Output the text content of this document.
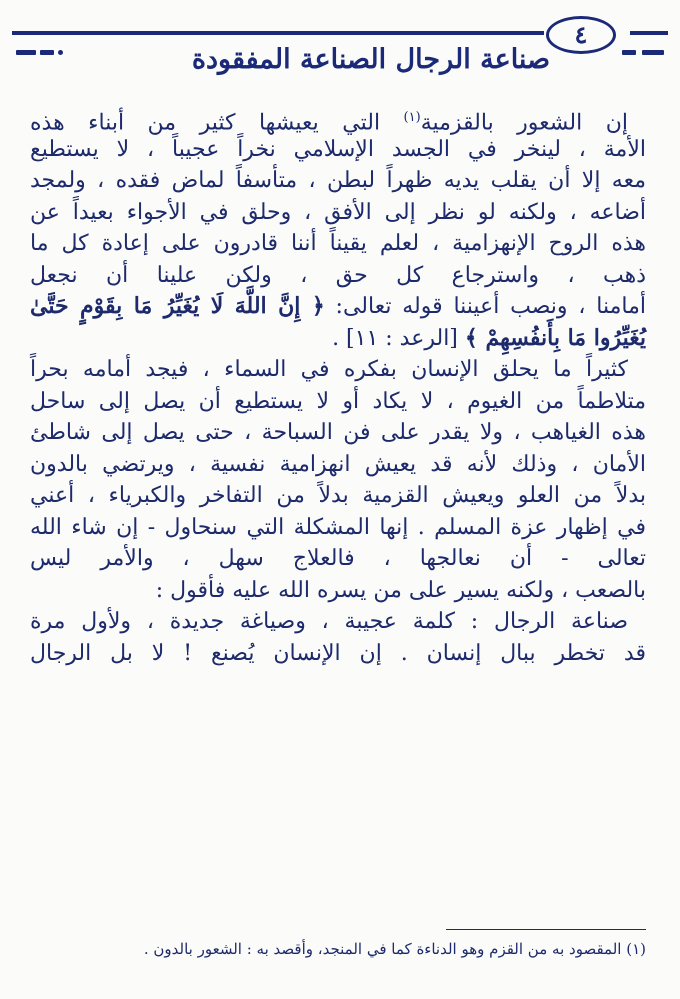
٤
صناعة الرجال الصناعة المفقودة
إن الشعور بالقزمية$^{(١)}$ التي يعيشها كثير من أبناء هذه
الأمة ، لينخر في الجسد الإسلامي نخراً عجيباً ، لا يستطيع
معه إلا أن يقلب يديه ظهراً لبطن ، متأسفاً لماض فقده ، ولمجد
أضاعه ، ولكنه لو نظر إلى الأفق ، وحلق في الأجواء بعيداً عن
هذه الروح الإنهزامية ، لعلم يقيناً أننا قادرون على إعادة كل ما
ذهب ، واسترجاع كل حق ، ولكن علينا أن نجعل
أمامنا ، ونصب أعيننا قوله تعالى: ﴿ إِنَّ اللَّهَ لَا يُغَيِّرُ مَا بِقَوْمٍ حَتَّىٰ
يُغَيِّرُوا مَا بِأَنفُسِهِمْ ﴾ [الرعد : ١١] .
كثيراً ما يحلق الإنسان بفكره في السماء ، فيجد أمامه بحراً
متلاطماً من الغيوم ، لا يكاد أو لا يستطيع أن يصل إلى ساحل
هذه الغياهب ، ولا يقدر على فن السباحة ، حتى يصل إلى شاطئ
الأمان ، وذلك لأنه قد يعيش انهزامية نفسية ، ويرتضي بالدون
بدلاً من العلو ويعيش القزمية بدلاً من التفاخر والكبرياء ، أعني
في إظهار عزة المسلم . إنها المشكلة التي سنحاول - إن شاء الله
تعالى - أن نعالجها ، فالعلاج سهل ، والأمر ليس
بالصعب ، ولكنه يسير على من يسره الله عليه فأقول :
صناعة الرجال : كلمة عجيبة ، وصياغة جديدة ، ولأول مرة
قد تخطر ببال إنسان . إن الإنسان يُصنع ! لا بل الرجال
(١) المقصود به من القزم وهو الدناءة كما في المنجد، وأقصد به : الشعور بالدون .
